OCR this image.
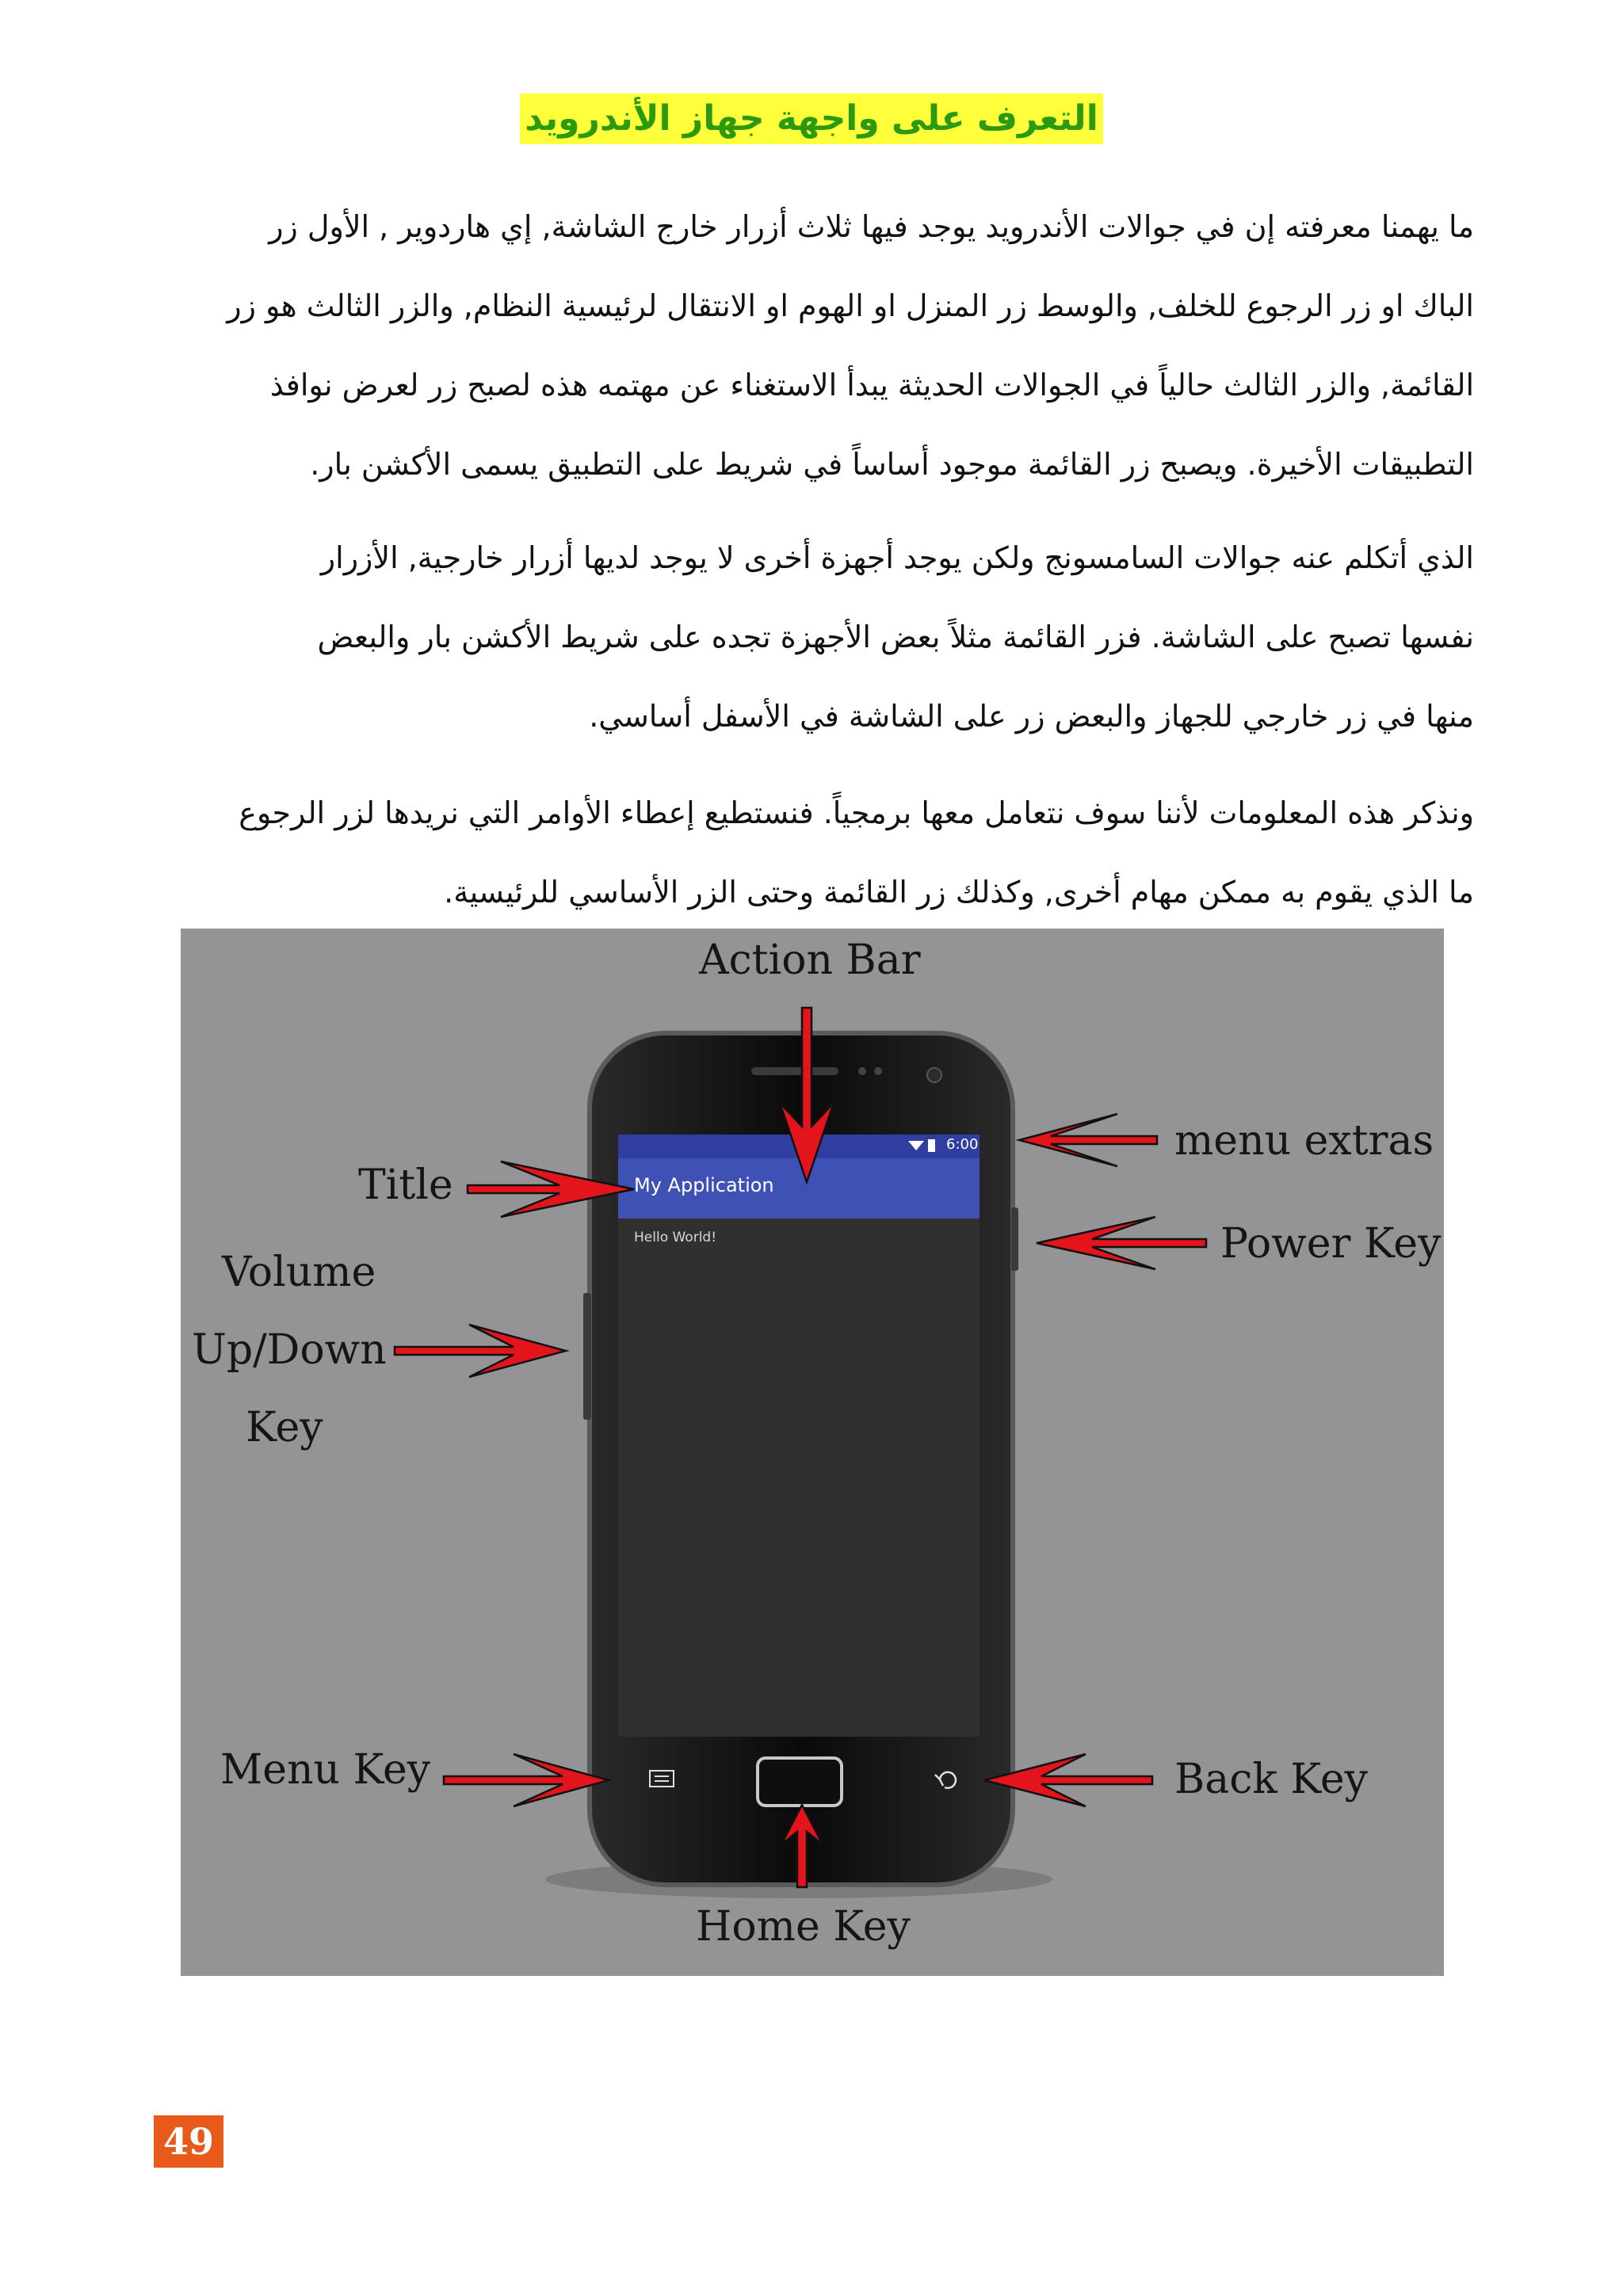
التعرف على واجهة جهاز الأندرويد
ما يهمنا معرفته إن في جوالات الأندرويد يوجد فيها ثلاث أزرار خارج الشاشة, إي هاردوير , الأول زر
الباك او زر الرجوع للخلف, والوسط زر المنزل او الهوم او الانتقال لرئيسية النظام, والزر الثالث هو زر
القائمة, والزر الثالث حالياً في الجوالات الحديثة يبدأ الاستغناء عن مهتمه هذه لصبح زر لعرض نوافذ
التطبيقات الأخيرة. ويصبح زر القائمة موجود أساساً في شريط على التطبيق يسمى الأكشن بار.
الذي أتكلم عنه جوالات السامسونج ولكن يوجد أجهزة أخرى لا يوجد لديها أزرار خارجية, الأزرار
نفسها تصبح على الشاشة. فزر القائمة مثلاً بعض الأجهزة تجده على شريط الأكشن بار والبعض
منها في زر خارجي للجهاز والبعض زر على الشاشة في الأسفل أساسي.
ونذكر هذه المعلومات لأننا سوف نتعامل معها برمجياً. فنستطيع إعطاء الأوامر التي نريدها لزر الرجوع
ما الذي يقوم به ممكن مهام أخرى, وكذلك زر القائمة وحتى الزر الأساسي للرئيسية.
6:00
My Application
Hello World!
Action Bar
menu extras
Title
Power Key
Volume
Up/Down
Key
Menu Key	Back Key
Home Key
49
